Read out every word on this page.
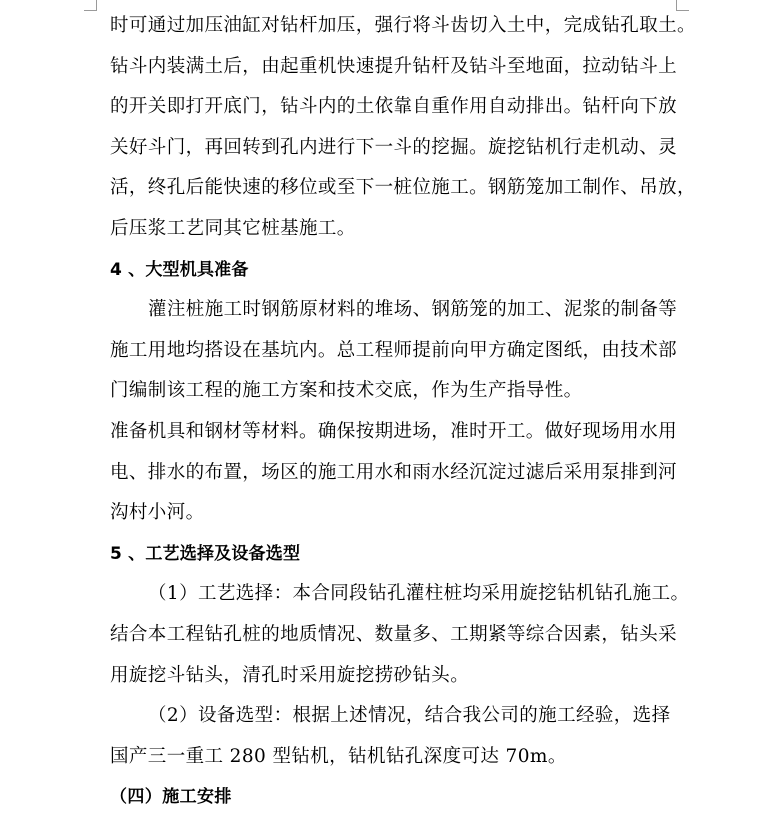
时可通过加压油缸对钻杆加压，强行将斗齿切入土中，完成钻孔取土。
钻斗内装满土后，由起重机快速提升钻杆及钻斗至地面，拉动钻斗上
的开关即打开底门，钻斗内的土依靠自重作用自动排出。钻杆向下放
关好斗门，再回转到孔内进行下一斗的挖掘。旋挖钻机行走机动、灵
活，终孔后能快速的移位或至下一桩位施工。钢筋笼加工制作、吊放，
后压浆工艺同其它桩基施工。
4 、大型机具准备
灌注桩施工时钢筋原材料的堆场、钢筋笼的加工、泥浆的制备等
施工用地均搭设在基坑内。总工程师提前向甲方确定图纸，由技术部
门编制该工程的施工方案和技术交底，作为生产指导性。
准备机具和钢材等材料。确保按期进场，准时开工。做好现场用水用
电、排水的布置，场区的施工用水和雨水经沉淀过滤后采用泵排到河
沟村小河。
5 、工艺选择及设备选型
（1）工艺选择：本合同段钻孔灌柱桩均采用旋挖钻机钻孔施工。
结合本工程钻孔桩的地质情况、数量多、工期紧等综合因素，钻头采
用旋挖斗钻头，清孔时采用旋挖捞砂钻头。
（2）设备选型：根据上述情况，结合我公司的施工经验，选择
国产三一重工 280 型钻机，钻机钻孔深度可达 70m。
（四）施工安排
